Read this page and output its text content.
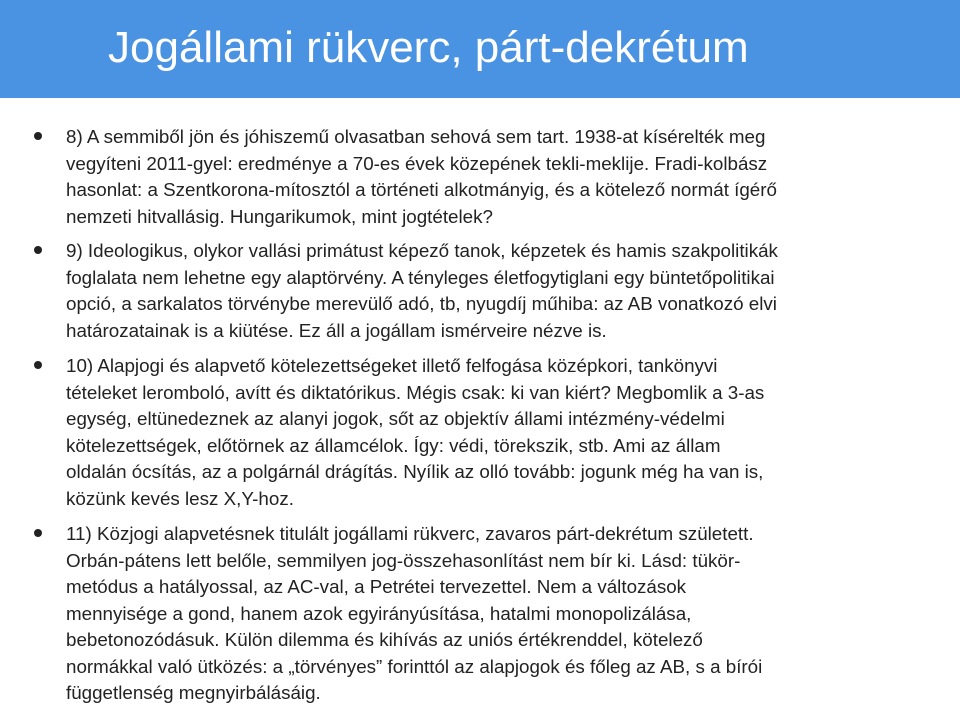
Jogállami rükverc, párt-dekrétum
8) A semmiből jön és jóhiszemű olvasatban sehová sem tart. 1938-at kísérelték meg
vegyíteni 2011-gyel: eredménye a 70-es évek közepének tekli-meklije. Fradi-kolbász
hasonlat: a Szentkorona-mítosztól a történeti alkotmányig, és a kötelező normát ígérő
nemzeti hitvallásig. Hungarikumok, mint jogtételek?
9) Ideologikus, olykor vallási primátust képező tanok, képzetek és hamis szakpolitikák
foglalata nem lehetne egy alaptörvény. A tényleges életfogytiglani egy büntetőpolitikai
opció, a sarkalatos törvénybe merevülő adó, tb, nyugdíj műhiba: az AB vonatkozó elvi
határozatainak is a kiütése. Ez áll a jogállam ismérveire nézve is.
10) Alapjogi és alapvető kötelezettségeket illető felfogása középkori, tankönyvi
tételeket leromboló, avítt és diktatórikus. Mégis csak: ki van kiért? Megbomlik a 3-as
egység, eltünedeznek az alanyi jogok, sőt az objektív állami intézmény-védelmi
kötelezettségek, előtörnek az államcélok. Így: védi, törekszik, stb. Ami az állam
oldalán ócsítás, az a polgárnál drágítás. Nyílik az olló tovább: jogunk még ha van is,
közünk kevés lesz X,Y-hoz.
11) Közjogi alapvetésnek titulált jogállami rükverc, zavaros párt-dekrétum született.
Orbán-pátens lett belőle, semmilyen jog-összehasonlítást nem bír ki. Lásd: tükör-
metódus a hatályossal, az AC-val, a Petrétei tervezettel. Nem a változások
mennyisége a gond, hanem azok egyirányúsítása, hatalmi monopolizálása,
bebetonozódásuk. Külön dilemma és kihívás az uniós értékrenddel, kötelező
normákkal való ütközés: a „törvényes” forinttól az alapjogok és főleg az AB, s a bírói
függetlenség megnyirbálásáig.
